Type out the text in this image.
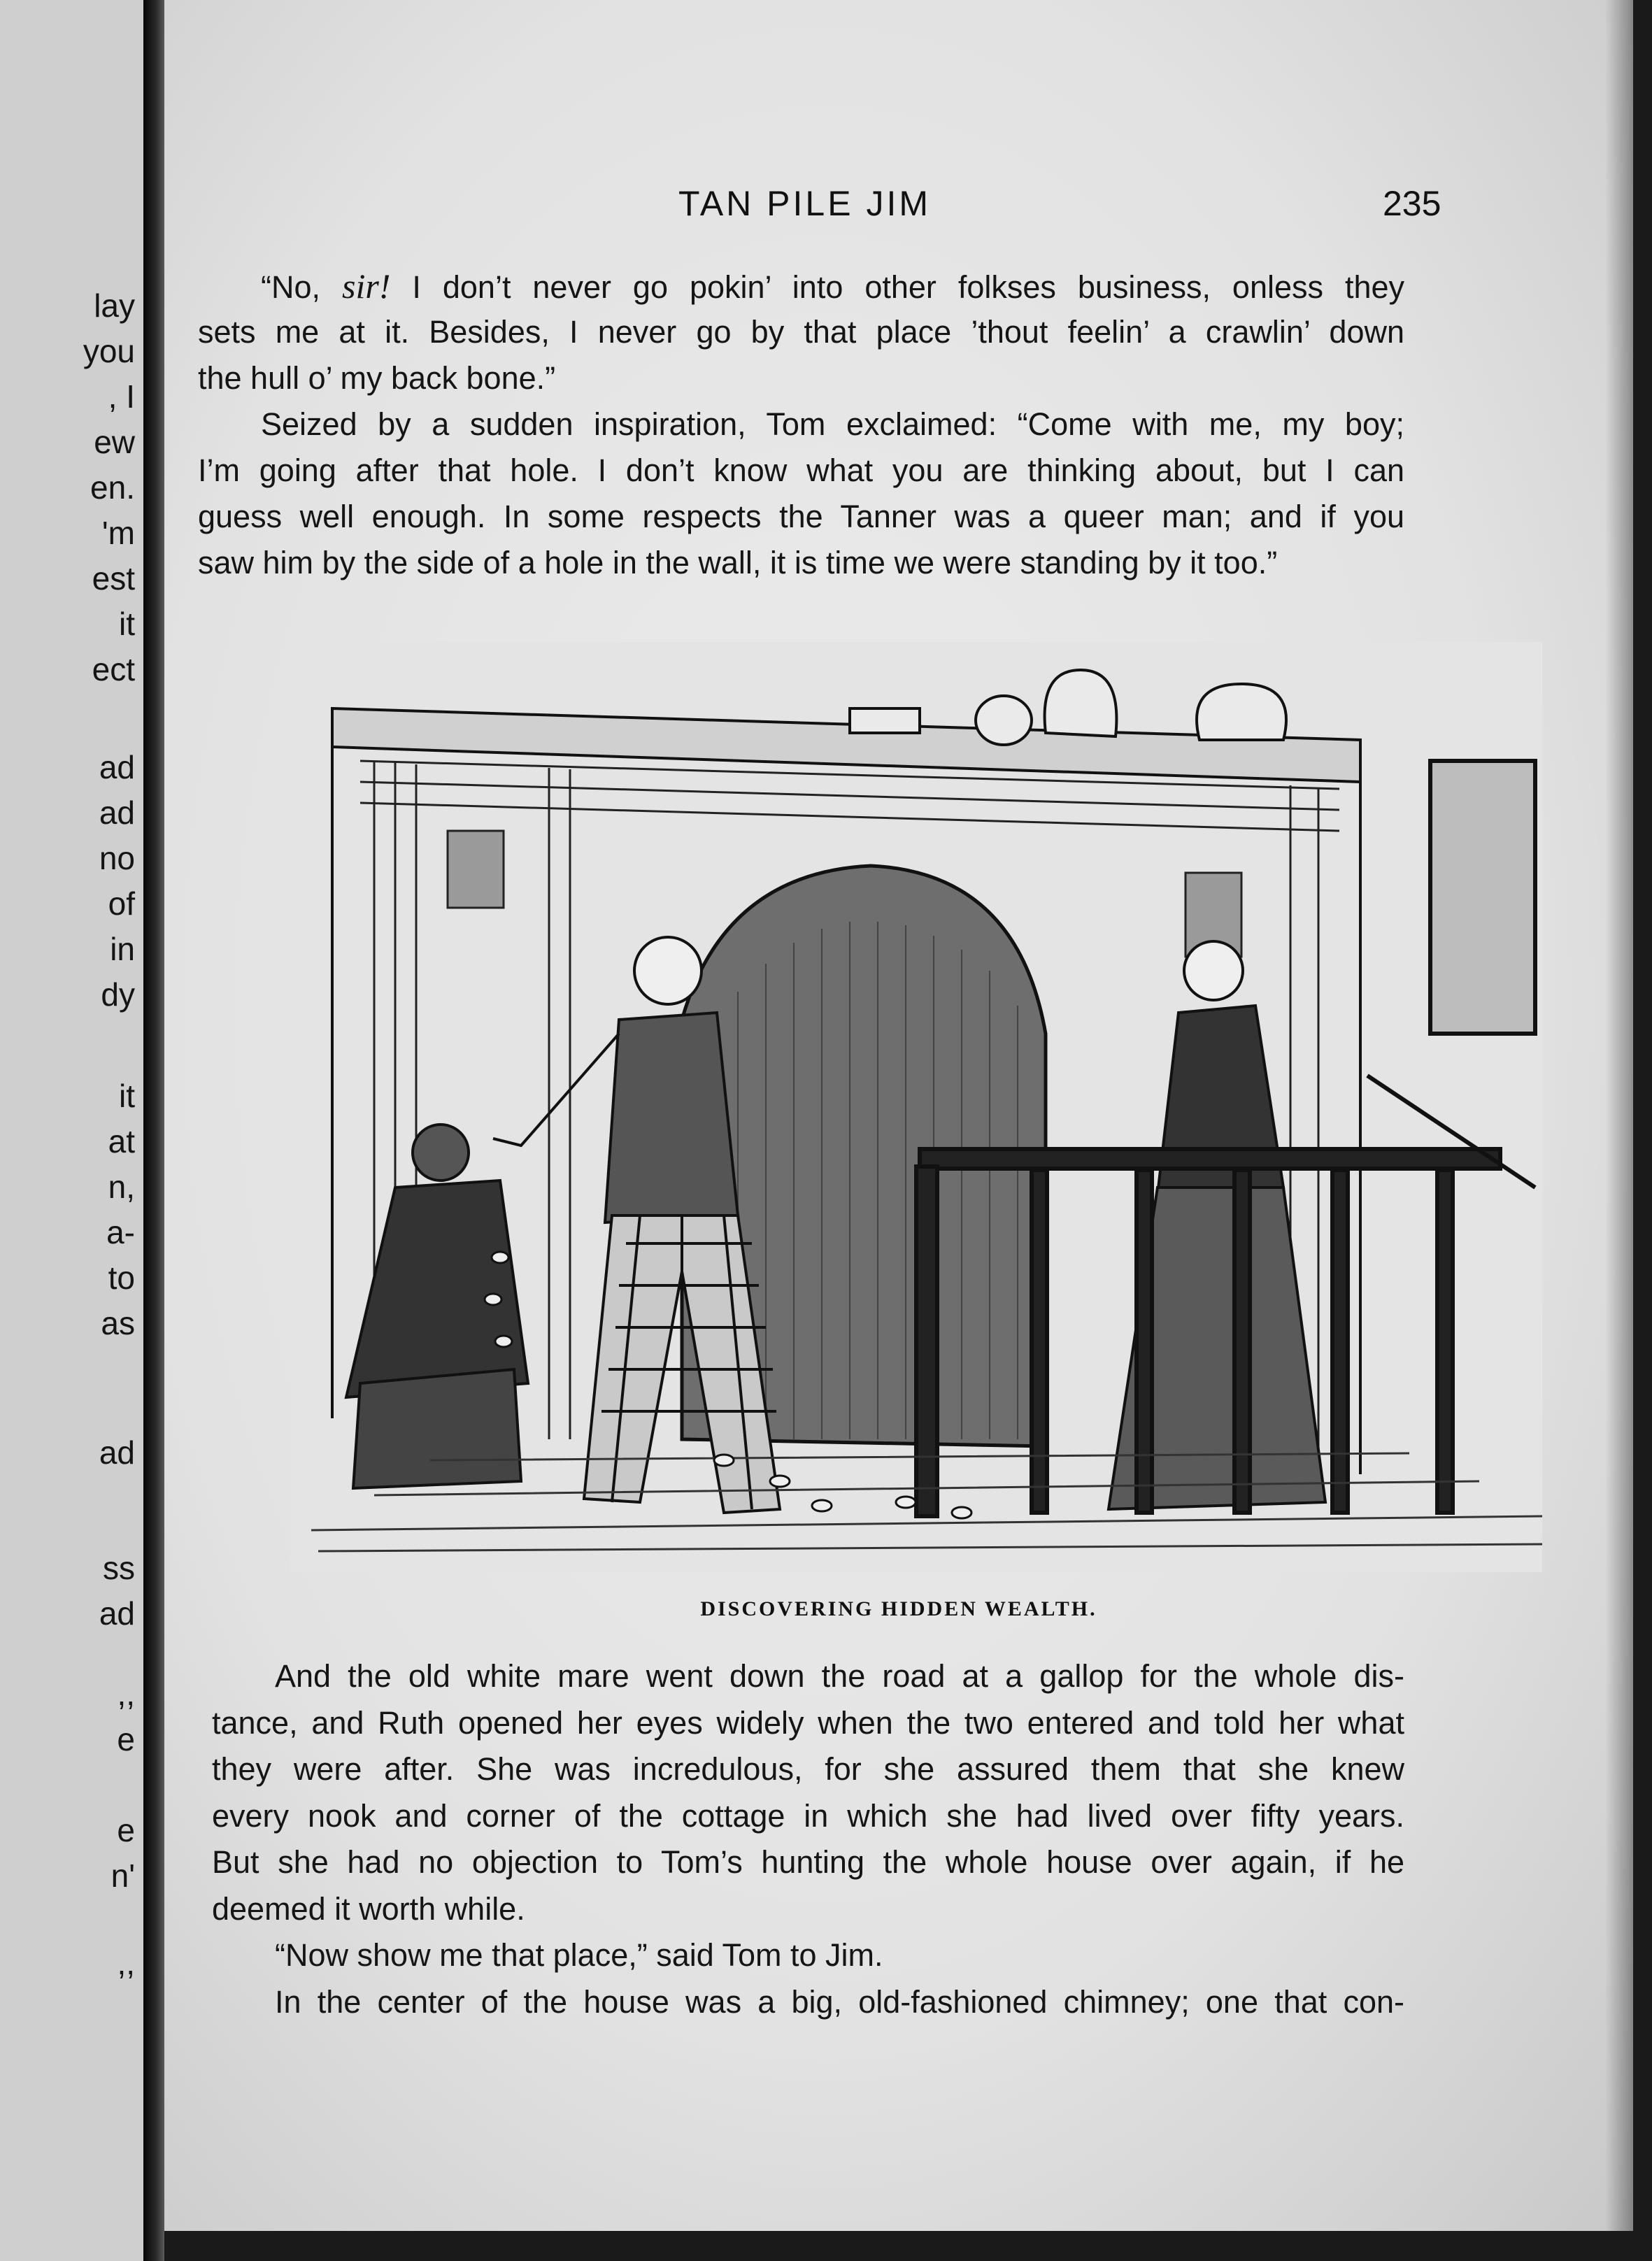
lay

you

, I

ew

en.

'm

est

it

ect

ad

ad

no

of

in

dy

it

at

n,

a-

to

as

ad

ss

ad

,,

e

e

n'

,,

TAN PILE JIM	235
“No, sir! I don’t never go pokin’ into other folkses business, onless they
sets me at it. Besides, I never go by that place ’thout feelin’ a crawlin’ down
the hull o’ my back bone.”
Seized by a sudden inspiration, Tom exclaimed: “Come with me, my boy;
I’m going after that hole. I don’t know what you are thinking about, but I can
guess well enough. In some respects the Tanner was a queer man; and if you
saw him by the side of a hole in the wall, it is time we were standing by it too.”

DISCOVERING HIDDEN WEALTH.

And the old white mare went down the road at a gallop for the whole dis-
tance, and Ruth opened her eyes widely when the two entered and told her what
they were after. She was incredulous, for she assured them that she knew
every nook and corner of the cottage in which she had lived over fifty years.
But she had no objection to Tom’s hunting the whole house over again, if he
deemed it worth while.
“Now show me that place,” said Tom to Jim.
In the center of the house was a big, old-fashioned chimney; one that con-
